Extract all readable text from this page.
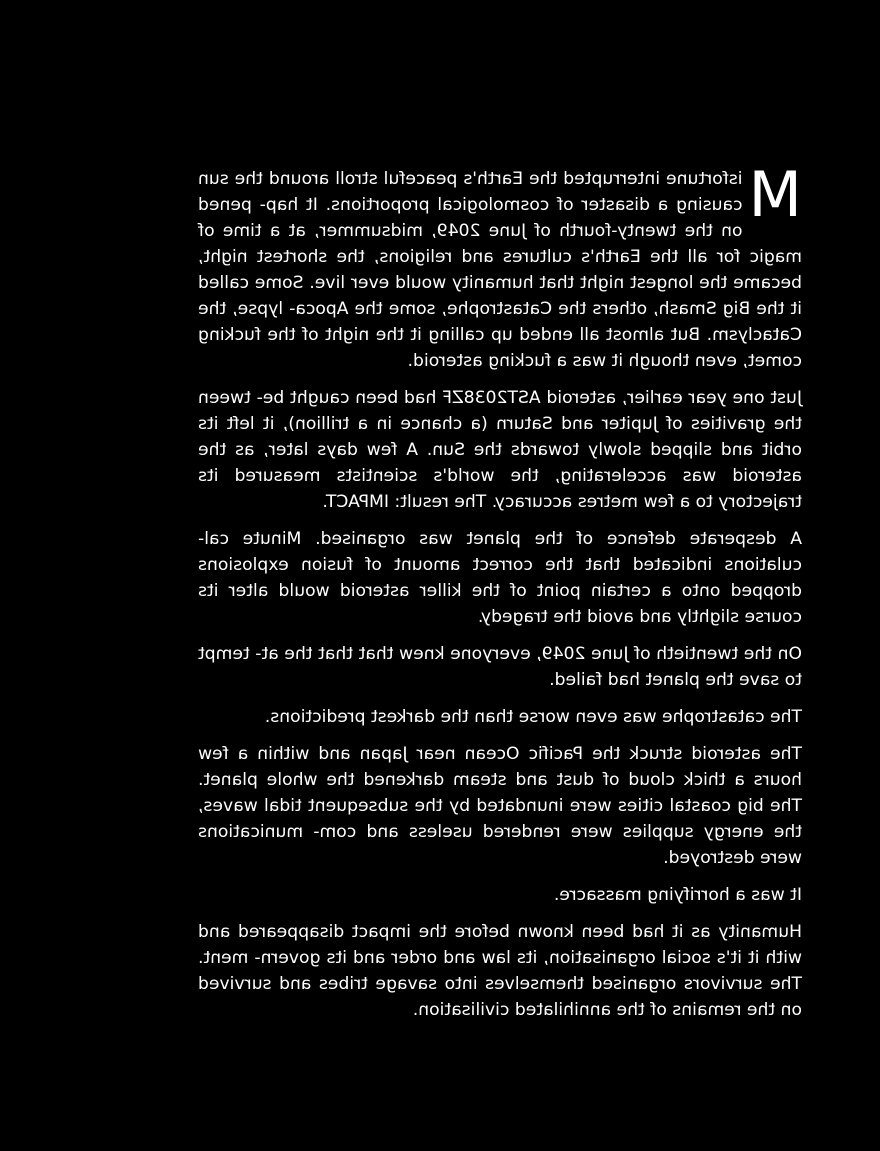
M
isfortune interrupted the Earth's peaceful stroll around the sun causing a disaster of cosmological proportions. It hap- pened on the twenty-fourth of June 2049, midsummer, at a time of magic for all the Earth's cultures and religions, the shortest night, became the longest night that humanity would ever live. Some called it the Big Smash, others the Catastrophe, some the Apoca- lypse, the Cataclysm. But almost all ended up calling it the night of the fucking comet, even though it was a fucking asteroid.

Just one year earlier, asteroid AST2038ZF had been caught be- tween the gravities of Jupiter and Saturn (a chance in a trillion), it left its orbit and slipped slowly towards the Sun. A few days later, as the asteroid was accelerating, the world's scientists measured its trajectory to a few metres accuracy. The result: IMPACT.

A desperate defence of the planet was organised. Minute cal- culations indicated that the correct amount of fusion explosions dropped onto a certain point of the killer asteroid would alter its course slightly and avoid the tragedy.

On the twentieth of June 2049, everyone knew that that the at- tempt to save the planet had failed.

The catastrophe was even worse than the darkest predictions.

The asteroid struck the Pacific Ocean near Japan and within a few hours a thick cloud of dust and steam darkened the whole planet. The big coastal cities were inundated by the subsequent tidal waves, the energy supplies were rendered useless and com- munications were destroyed.

It was a horrifying massacre.

Humanity as it had been known before the impact disappeared and with it it's social organisation, its law and order and its govern- ment. The survivors organised themselves into savage tribes and survived on the remains of the annihilated civilisation.
